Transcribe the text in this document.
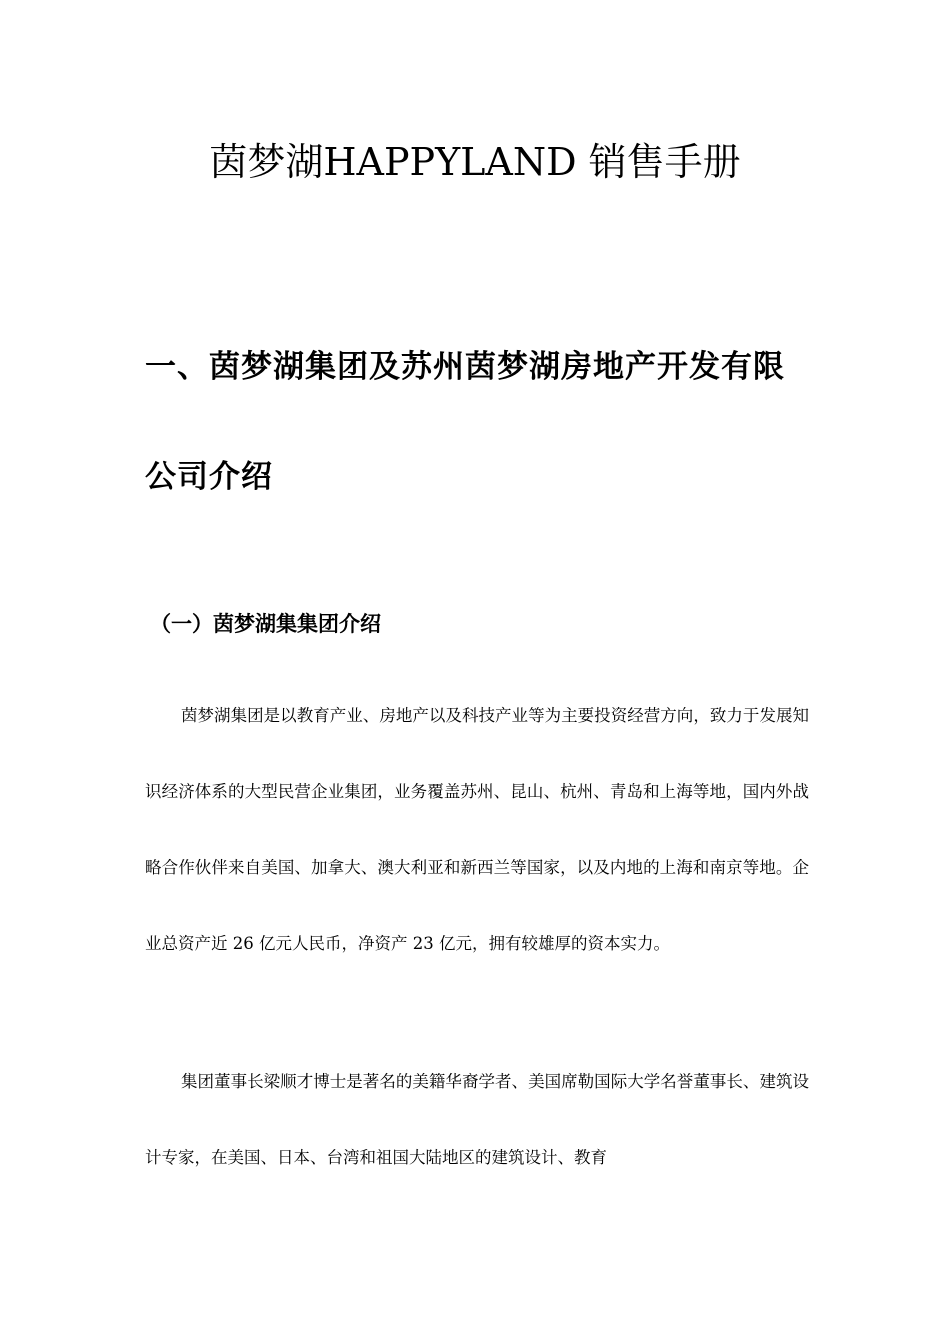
茵梦湖HAPPYLAND 销售手册
一、茵梦湖集团及苏州茵梦湖房地产开发有限公司介绍
（一）茵梦湖集集团介绍

茵梦湖集团是以教育产业、房地产以及科技产业等为主要投资经营方向，致力于发展知识经济体系的大型民营企业集团，业务覆盖苏州、昆山、杭州、青岛和上海等地，国内外战略合作伙伴来自美国、加拿大、澳大利亚和新西兰等国家，以及内地的上海和南京等地。企业总资产近 26 亿元人民币，净资产 23 亿元，拥有较雄厚的资本实力。

集团董事长梁顺才博士是著名的美籍华裔学者、美国席勒国际大学名誉董事长、建筑设计专家，在美国、日本、台湾和祖国大陆地区的建筑设计、教育
